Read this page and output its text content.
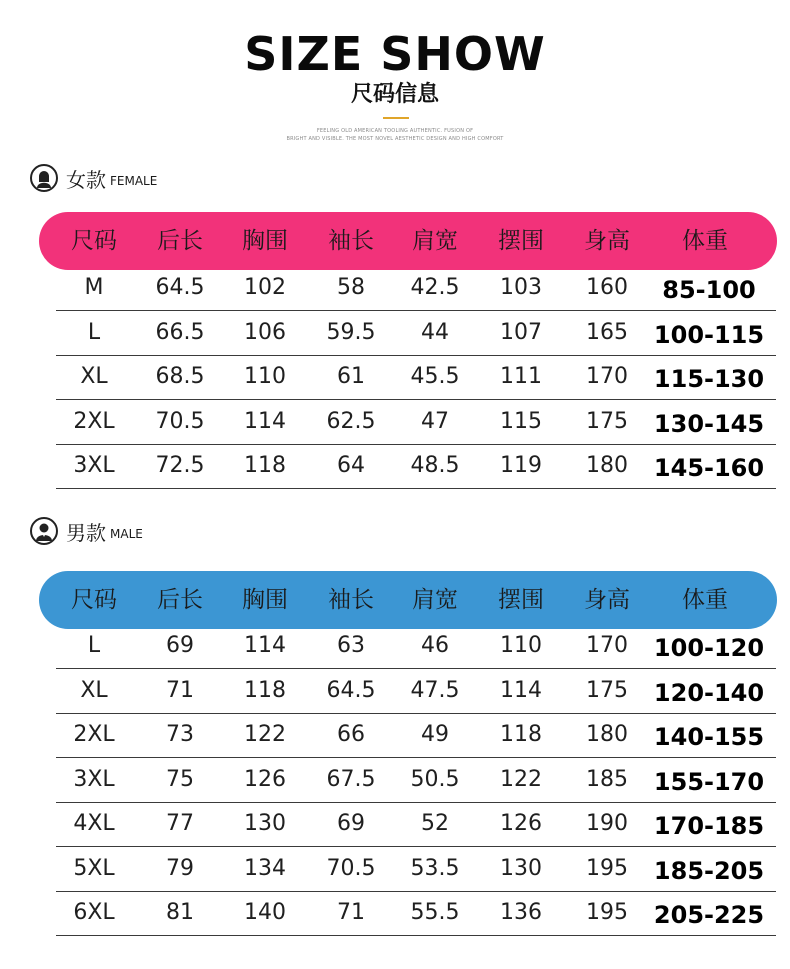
SIZE SHOW
尺码信息
FEELING OLD AMERICAN TOOLING AUTHENTIC. FUSION OF
BRIGHT AND VISIBLE. THE MOST NOVEL AESTHETIC DESIGN AND HIGH COMFORT
女款 FEMALE
尺码	后长	胸围	袖长	肩宽	摆围	身高	体重
M	64.5	102	58	42.5	103	160	85-100
L	66.5	106	59.5	44	107	165	100-115
XL	68.5	110	61	45.5	111	170	115-130
2XL	70.5	114	62.5	47	115	175	130-145
3XL	72.5	118	64	48.5	119	180	145-160
男款 MALE
尺码	后长	胸围	袖长	肩宽	摆围	身高	体重
L	69	114	63	46	110	170	100-120
XL	71	118	64.5	47.5	114	175	120-140
2XL	73	122	66	49	118	180	140-155
3XL	75	126	67.5	50.5	122	185	155-170
4XL	77	130	69	52	126	190	170-185
5XL	79	134	70.5	53.5	130	195	185-205
6XL	81	140	71	55.5	136	195	205-225
